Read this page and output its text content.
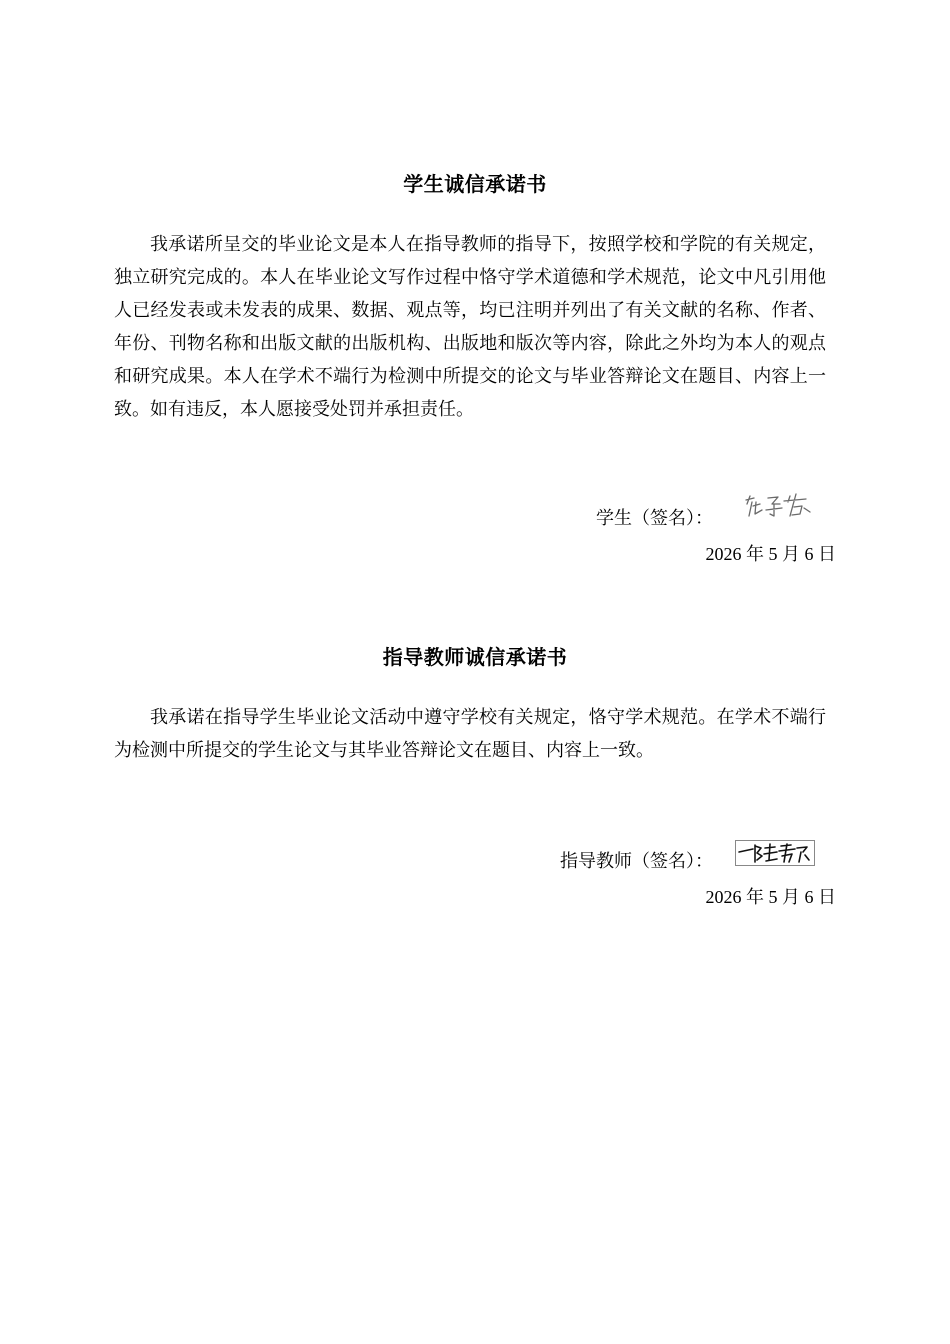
学生诚信承诺书
我承诺所呈交的毕业论文是本人在指导教师的指导下，按照学校和学院的有关规定，独立研究完成的。本人在毕业论文写作过程中恪守学术道德和学术规范，论文中凡引用他人已经发表或未发表的成果、数据、观点等，均已注明并列出了有关文献的名称、作者、年份、刊物名称和出版文献的出版机构、出版地和版次等内容，除此之外均为本人的观点和研究成果。本人在学术不端行为检测中所提交的论文与毕业答辩论文在题目、内容上一致。如有违反，本人愿接受处罚并承担责任。
学生（签名）：
2026 年 5 月 6 日
指导教师诚信承诺书
我承诺在指导学生毕业论文活动中遵守学校有关规定，恪守学术规范。在学术不端行为检测中所提交的学生论文与其毕业答辩论文在题目、内容上一致。
指导教师（签名）：
2026 年 5 月 6 日
